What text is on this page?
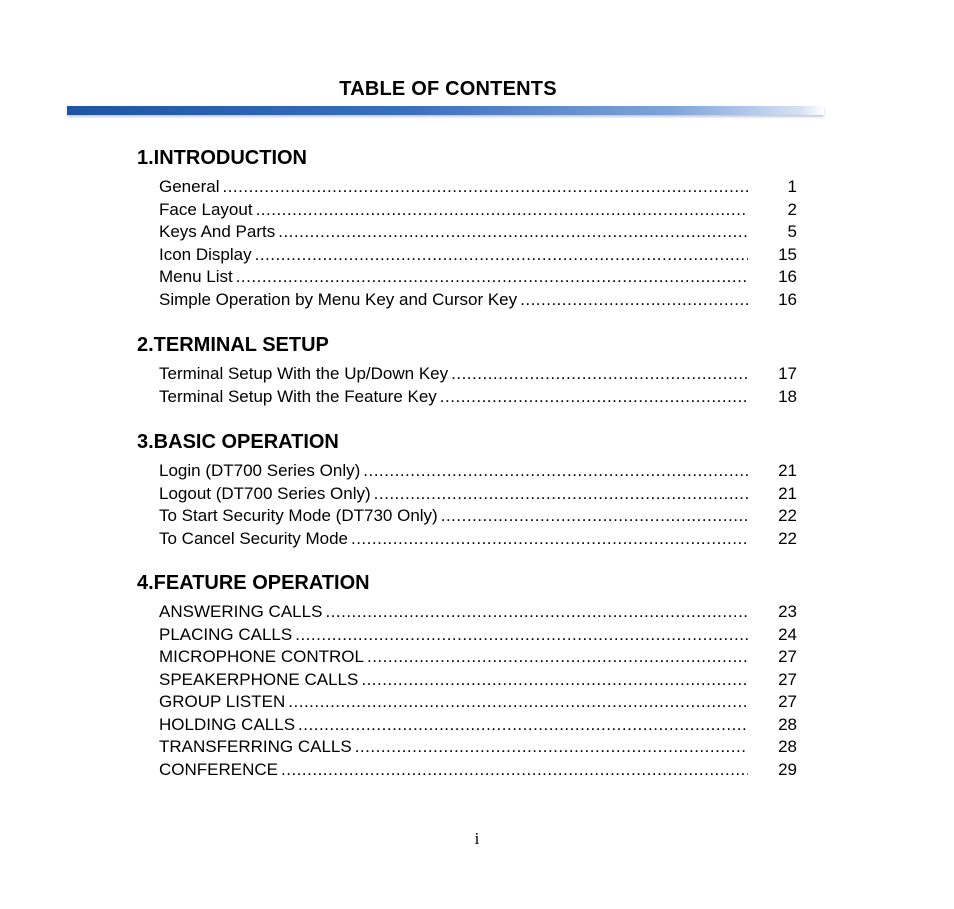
TABLE OF CONTENTS
1.INTRODUCTION
General .....	1
Face Layout .....	2
Keys And Parts .....	5
Icon Display .....	15
Menu List .....	16
Simple Operation by Menu Key and Cursor Key .....	16
2.TERMINAL SETUP
Terminal Setup With the Up/Down Key .....	17
Terminal Setup With the Feature Key .....	18
3.BASIC OPERATION
Login (DT700 Series Only) .....	21
Logout (DT700 Series Only) .....	21
To Start Security Mode (DT730 Only) .....	22
To Cancel Security Mode .....	22
4.FEATURE OPERATION
ANSWERING CALLS .....	23
PLACING CALLS .....	24
MICROPHONE CONTROL .....	27
SPEAKERPHONE CALLS .....	27
GROUP LISTEN .....	27
HOLDING CALLS .....	28
TRANSFERRING CALLS .....	28
CONFERENCE .....	29
i
